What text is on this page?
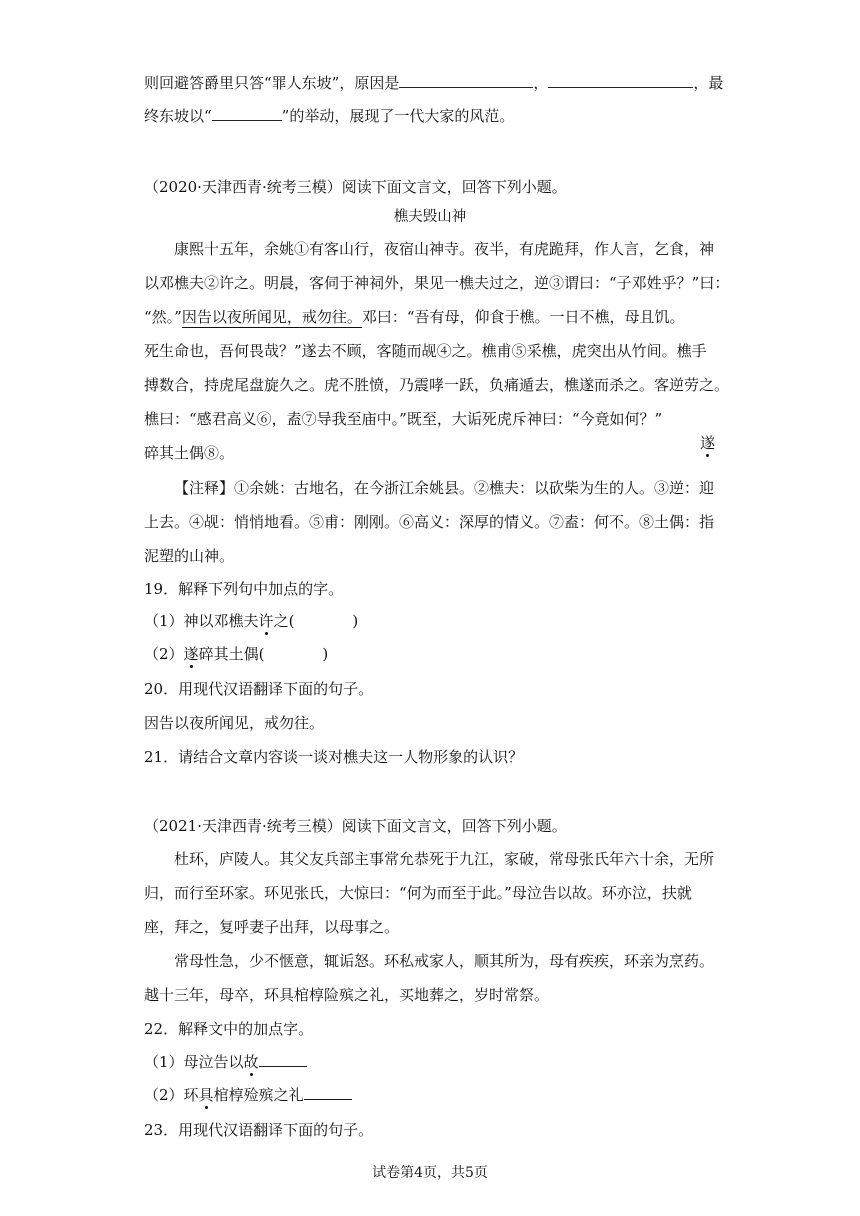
则回避答爵里只答“罪人东坡”，原因是	，	，最
终东坡以“	”的举动，展现了一代大家的风范。
（2020·天津西青·统考三模）阅读下面文言文，回答下列小题。
樵夫毁山神
康熙十五年，余姚①有客山行，夜宿山神寺。夜半，有虎跪拜，作人言，乞食，神
以邓樵夫②许之。明晨，客伺于神祠外，果见一樵夫过之，逆③谓曰：“子邓姓乎？”曰：
“然。”因告以夜所闻见，戒勿往。邓曰：“吾有母，仰食于樵。一日不樵，母且饥。
死生命也，吾何畏哉？”遂去不顾，客随而觇④之。樵甫⑤采樵，虎突出从竹间。樵手
搏数合，持虎尾盘旋久之。虎不胜愤，乃震哮一跃，负痛遁去，樵遂而杀之。客逆劳之。
樵曰：“感君高义⑥，盍⑦导我至庙中。”既至，大诟死虎斥神曰：“今竟如何？”
遂
碎其土偶⑧。
【注释】①余姚：古地名，在今浙江余姚县。②樵夫：以砍柴为生的人。③逆：迎
上去。④觇：悄悄地看。⑤甫：刚刚。⑥高义：深厚的情义。⑦盍：何不。⑧土偶：指
泥塑的山神。
19．解释下列句中加点的字。
（1）神以邓樵夫许之(	)
（2）遂碎其土偶(	)
20．用现代汉语翻译下面的句子。
因告以夜所闻见，戒勿往。
21．请结合文章内容谈一谈对樵夫这一人物形象的认识？
（2021·天津西青·统考三模）阅读下面文言文，回答下列小题。
杜环，庐陵人。其父友兵部主事常允恭死于九江，家破，常母张氏年六十余，无所
归，而行至环家。环见张氏，大惊曰：“何为而至于此。”母泣告以故。环亦泣，扶就
座，拜之，复呼妻子出拜，以母事之。
常母性急，少不惬意，辄诟怒。环私戒家人，顺其所为，母有疾疾，环亲为烹药。
越十三年，母卒，环具棺椁险殡之礼，买地葬之，岁时常祭。
22．解释文中的加点字。
（1）母泣告以故
（2）环具棺椁殓殡之礼
23．用现代汉语翻译下面的句子。
试卷第4页，共5页
